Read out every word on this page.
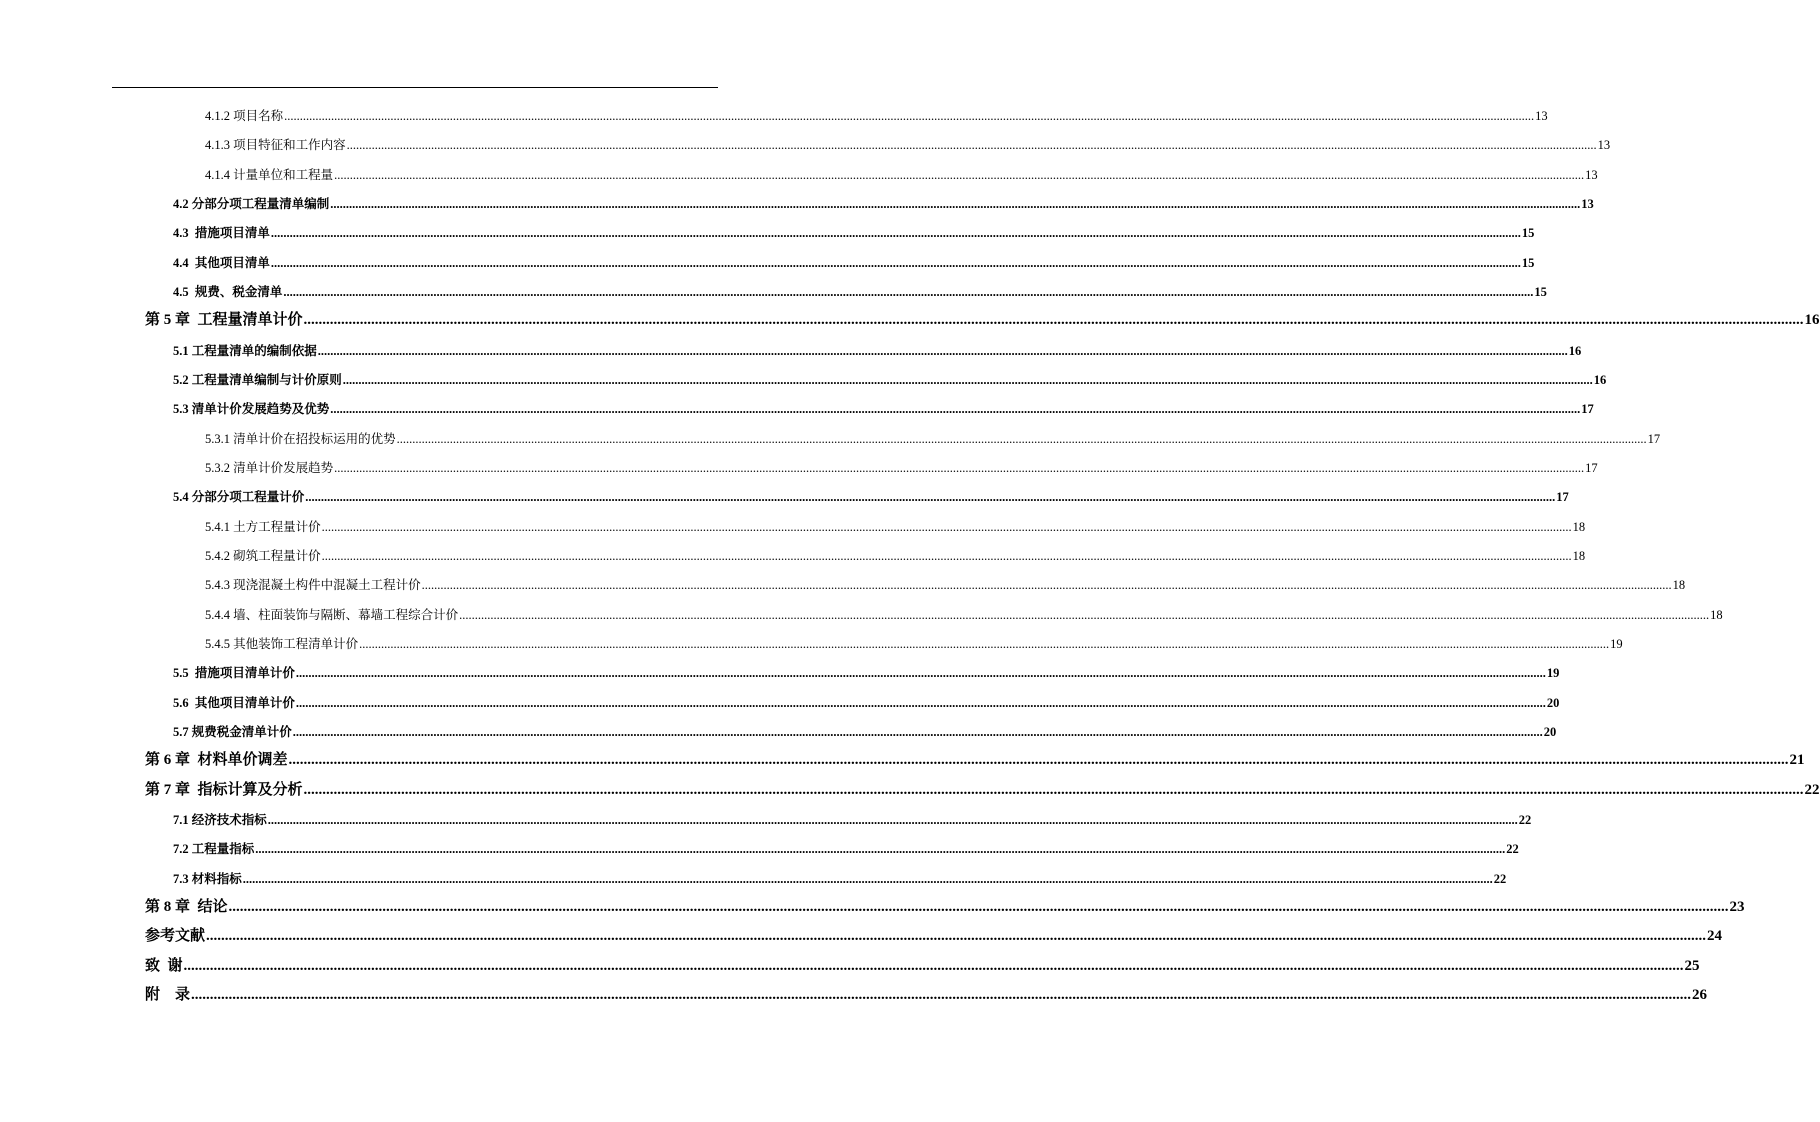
4.1.2 项目名称 ................................................................................................................................................................................................................................................................................................................................................................................................................ 13
4.1.3 项目特征和工作内容 ................................................................................................................................................................................................................................................................................................................................................................................................................ 13
4.1.4 计量单位和工程量 ................................................................................................................................................................................................................................................................................................................................................................................................................ 13
4.2 分部分项工程量清单编制 ................................................................................................................................................................................................................................................................................................................................................................................................................ 13
4.3  措施项目清单 ................................................................................................................................................................................................................................................................................................................................................................................................................ 15
4.4  其他项目清单 ................................................................................................................................................................................................................................................................................................................................................................................................................ 15
4.5  规费、税金清单 ................................................................................................................................................................................................................................................................................................................................................................................................................ 15
第 5 章  工程量清单计价 ................................................................................................................................................................................................................................................................................................................................................................................................................ 16
5.1 工程量清单的编制依据 ................................................................................................................................................................................................................................................................................................................................................................................................................ 16
5.2 工程量清单编制与计价原则 ................................................................................................................................................................................................................................................................................................................................................................................................................ 16
5.3 清单计价发展趋势及优势 ................................................................................................................................................................................................................................................................................................................................................................................................................ 17
5.3.1 清单计价在招投标运用的优势 ................................................................................................................................................................................................................................................................................................................................................................................................................ 17
5.3.2 清单计价发展趋势 ................................................................................................................................................................................................................................................................................................................................................................................................................ 17
5.4 分部分项工程量计价 ................................................................................................................................................................................................................................................................................................................................................................................................................ 17
5.4.1 土方工程量计价 ................................................................................................................................................................................................................................................................................................................................................................................................................ 18
5.4.2 砌筑工程量计价 ................................................................................................................................................................................................................................................................................................................................................................................................................ 18
5.4.3 现浇混凝土构件中混凝土工程计价 ................................................................................................................................................................................................................................................................................................................................................................................................................ 18
5.4.4 墙、柱面装饰与隔断、幕墙工程综合计价 ................................................................................................................................................................................................................................................................................................................................................................................................................ 18
5.4.5 其他装饰工程清单计价 ................................................................................................................................................................................................................................................................................................................................................................................................................ 19
5.5  措施项目清单计价 ................................................................................................................................................................................................................................................................................................................................................................................................................ 19
5.6  其他项目清单计价 ................................................................................................................................................................................................................................................................................................................................................................................................................ 20
5.7 规费税金清单计价 ................................................................................................................................................................................................................................................................................................................................................................................................................ 20
第 6 章  材料单价调差 ................................................................................................................................................................................................................................................................................................................................................................................................................ 21
第 7 章  指标计算及分析 ................................................................................................................................................................................................................................................................................................................................................................................................................ 22
7.1 经济技术指标 ................................................................................................................................................................................................................................................................................................................................................................................................................ 22
7.2 工程量指标 ................................................................................................................................................................................................................................................................................................................................................................................................................ 22
7.3 材料指标 ................................................................................................................................................................................................................................................................................................................................................................................................................ 22
第 8 章  结论 ................................................................................................................................................................................................................................................................................................................................................................................................................ 23
参考文献 ................................................................................................................................................................................................................................................................................................................................................................................................................ 24
致  谢 ................................................................................................................................................................................................................................................................................................................................................................................................................ 25
附    录 ................................................................................................................................................................................................................................................................................................................................................................................................................ 26
